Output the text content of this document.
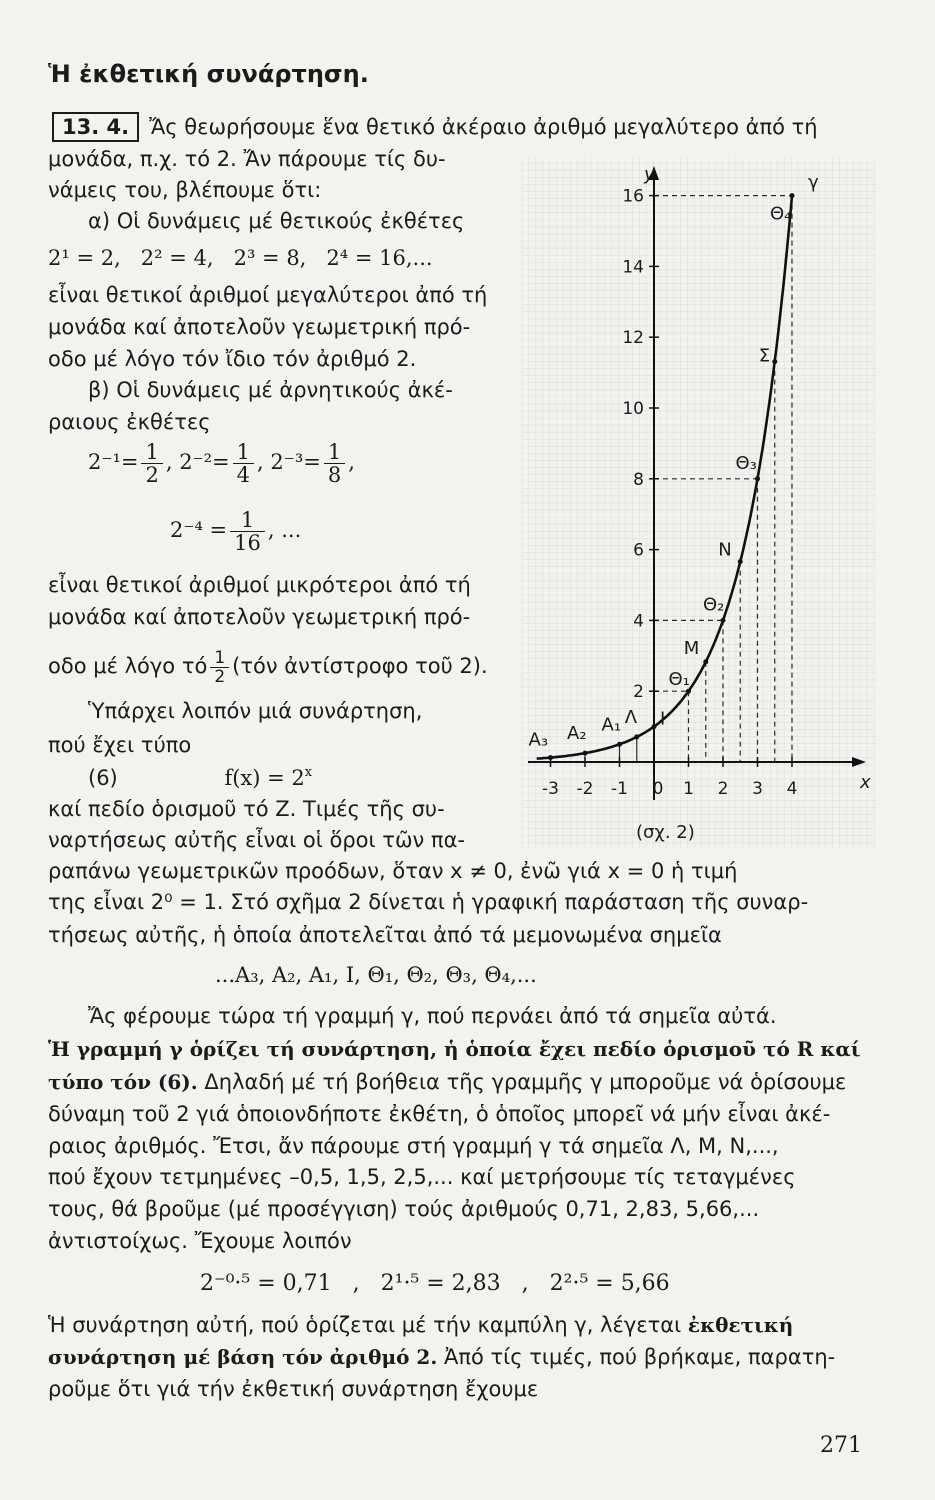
Ἡ ἐκθετική συνάρτηση.
13. 4. Ἄς θεωρήσουμε ἕνα θετικό ἀκέραιο ἀριθμό μεγαλύτερο ἀπό τή
μονάδα, π.χ. τό 2. Ἄν πάρουμε τίς δυ-
νάμεις του, βλέπουμε ὅτι:
α) Οἱ δυνάμεις μέ θετικούς ἐκθέτες
2¹ = 2, 2² = 4, 2³ = 8, 2⁴ = 16,...
εἶναι θετικοί ἀριθμοί μεγαλύτεροι ἀπό τή
μονάδα καί ἀποτελοῦν γεωμετρική πρό-
οδο μέ λόγο τόν ἴδιο τόν ἀριθμό 2.
β) Οἱ δυνάμεις μέ ἀρνητικούς ἀκέ-
ραιους ἐκθέτες
$2^{-1}= \frac{1}{2}$ , $2^{-2}= \frac{1}{4}$ , $2^{-3}= \frac{1}{8}$ ,
$2^{-4} = \frac{1}{16}$ , ...
εἶναι θετικοί ἀριθμοί μικρότεροι ἀπό τή
μονάδα καί ἀποτελοῦν γεωμετρική πρό-
οδο μέ λόγο τό $\frac{1}{2} (\tau ό\nu$ ἀντίστροφο τοῦ 2).
Ὑπάρχει λοιπόν μιά συνάρτηση,
πού ἔχει τύπο
(6)	$f(x) = 2^x$
καί πεδίο ὁρισμοῦ τό Z. Τιμές τῆς συ-
ναρτήσεως αὐτῆς εἶναι οἱ ὅροι τῶν πα-
ραπάνω γεωμετρικῶν προόδων, ὅταν x ≠ 0, ἐνῶ γιά x = 0 ἡ τιμή
της εἶναι 2⁰ = 1. Στό σχῆμα 2 δίνεται ἡ γραφική παράσταση τῆς συναρ-
τήσεως αὐτῆς, ἡ ὁποία ἀποτελεῖται ἀπό τά μεμονωμένα σημεῖα
...A₃, A₂, A₁, I, Θ₁, Θ₂, Θ₃, Θ₄,...
Ἄς φέρουμε τώρα τή γραμμή γ, πού περνάει ἀπό τά σημεῖα αὐτά.
Ἡ γραμμή γ ὁρίζει τή συνάρτηση, ἡ ὁποία ἔχει πεδίο ὁρισμοῦ τό R καί
τύπο τόν (6). Δηλαδή μέ τή βοήθεια τῆς γραμμῆς γ μποροῦμε νά ὁρίσουμε
δύναμη τοῦ 2 γιά ὁποιονδήποτε ἐκθέτη, ὁ ὁποῖος μπορεῖ νά μήν εἶναι ἀκέ-
ραιος ἀριθμός. Ἔτσι, ἄν πάρουμε στή γραμμή γ τά σημεῖα Λ, M, N,...,
πού ἔχουν τετμημένες –0,5, 1,5, 2,5,... καί μετρήσουμε τίς τεταγμένες
τους, θά βροῦμε (μέ προσέγγιση) τούς ἀριθμούς 0,71, 2,83, 5,66,...
ἀντιστοίχως. Ἔχουμε λοιπόν
2⁻⁰·⁵ = 0,71 , 2¹·⁵ = 2,83 , 2²·⁵ = 5,66
Ἡ συνάρτηση αὐτή, πού ὁρίζεται μέ τήν καμπύλη γ, λέγεται ἐκθετική
συνάρτηση μέ βάση τόν ἀριθμό 2. Ἀπό τίς τιμές, πού βρήκαμε, παρατη-
ροῦμε ὅτι γιά τήν ἐκθετική συνάρτηση ἔχουμε
271
-3 -2 -1 0 1 2 3 4
2
4
6
8
10
12
14
16
y
x
A₃ A₂ A₁ Λ I
Θ₁
M
Θ₂
N
Θ₃
Σ
Θ₄
γ
(σχ. 2)
